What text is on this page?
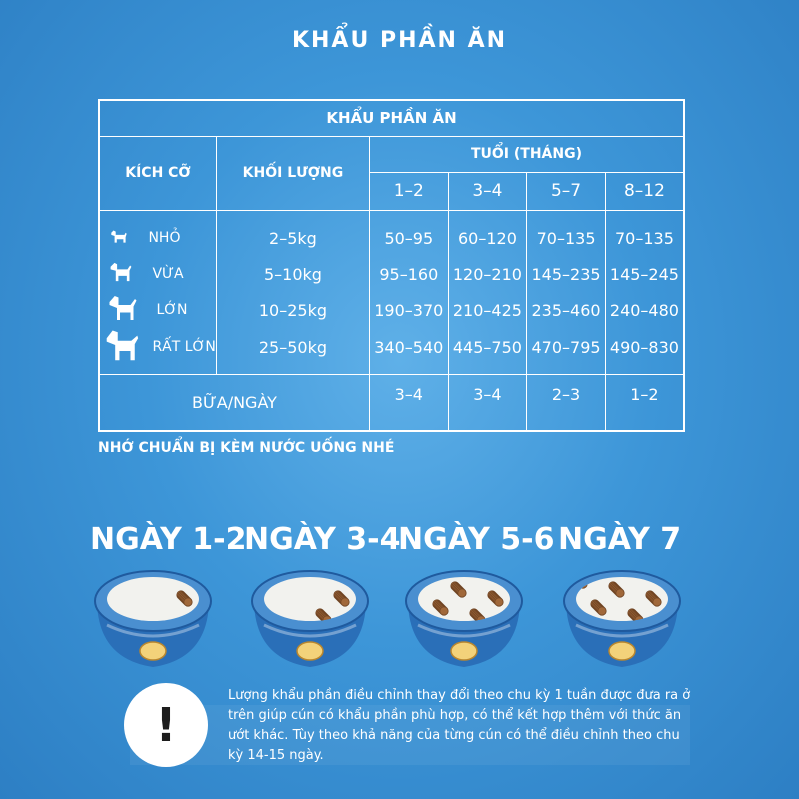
KHẨU PHẦN ĂN
KHẨU PHẦN ĂN					
KÍCH CỠ	KHỐI LƯỢNG	TUỔI (THÁNG)			
		1–2	3–4	5–7	8–12
NHỎ	2–5kg	50–95	60–120	70–135	70–135
VỪA	5–10kg	95–160	120–210	145–235	145–245
LỚN	10–25kg	190–370	210–425	235–460	240–480
RẤT LỚN	25–50kg	340–540	445–750	470–795	490–830
BỮA/NGÀY		3–4	3–4	2–3	1–2
NHỚ CHUẨN BỊ KÈM NƯỚC UỐNG NHÉ
NGÀY 1-2
NGÀY 3-4
NGÀY 5-6 NGÀY 7
!
Lượng khẩu phần điều chỉnh thay đổi theo chu kỳ 1 tuần được đưa ra ở trên giúp cún có khẩu phần phù hợp, có thể kết hợp thêm với thức ăn ướt khác. Tùy theo khả năng của từng cún có thể điều chỉnh theo chu kỳ 14-15 ngày.
